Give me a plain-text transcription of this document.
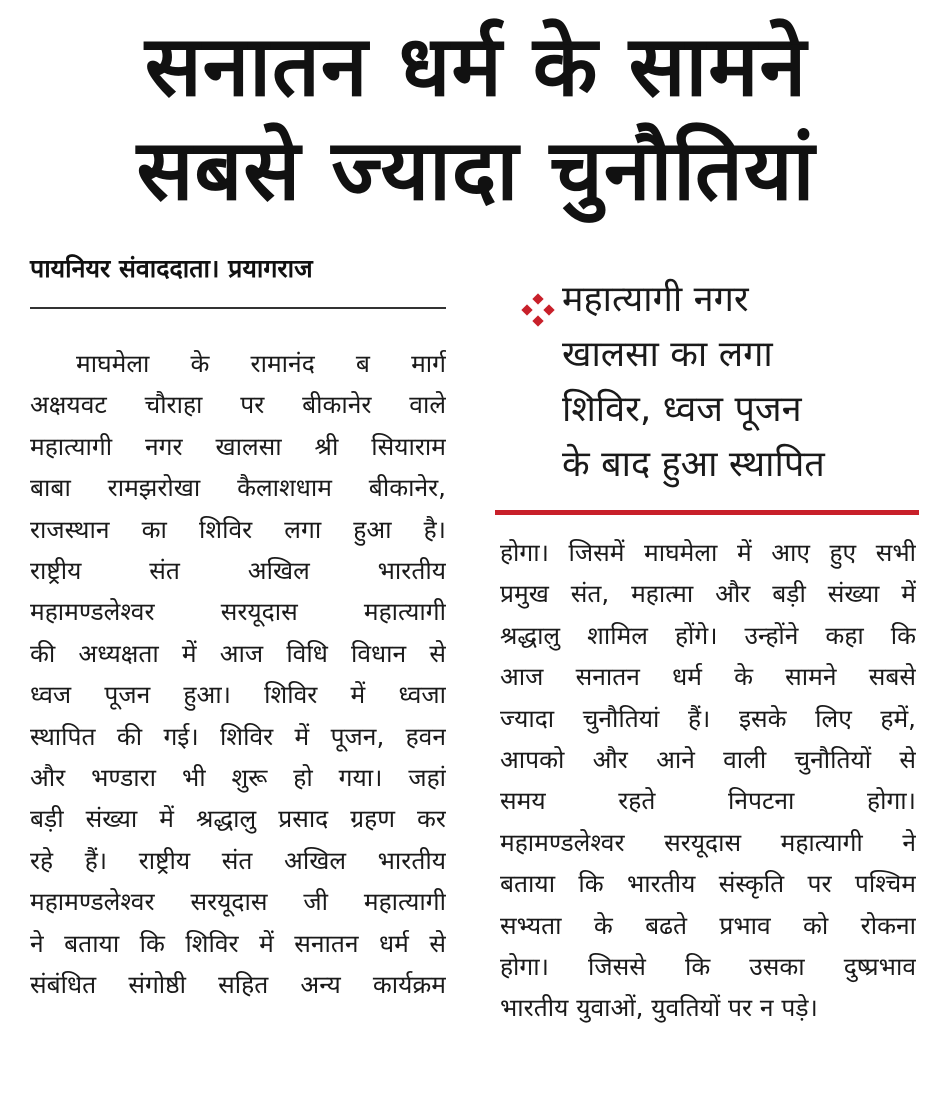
सनातन धर्म के सामने
सबसे ज्यादा चुनौतियां
पायनियर संवाददाता। प्रयागराज
माघमेला के रामानंद ब मार्ग
अक्षयवट चौराहा पर बीकानेर वाले
महात्यागी नगर खालसा श्री सियाराम
बाबा रामझरोखा कैलाशधाम बीकानेर,
राजस्थान का शिविर लगा हुआ है।
राष्ट्रीय संत अखिल भारतीय
महामण्डलेश्वर सरयूदास महात्यागी
की अध्यक्षता में आज विधि विधान से
ध्वज पूजन हुआ। शिविर में ध्वजा
स्थापित की गई। शिविर में पूजन, हवन
और भण्डारा भी शुरू हो गया। जहां
बड़ी संख्या में श्रद्धालु प्रसाद ग्रहण कर
रहे हैं। राष्ट्रीय संत अखिल भारतीय
महामण्डलेश्वर सरयूदास जी महात्यागी
ने बताया कि शिविर में सनातन धर्म से
संबंधित संगोष्ठी सहित अन्य कार्यक्रम
महात्यागी नगर
खालसा का लगा
शिविर, ध्वज पूजन
के बाद हुआ स्थापित
होगा। जिसमें माघमेला में आए हुए सभी
प्रमुख संत, महात्मा और बड़ी संख्या में
श्रद्धालु शामिल होंगे। उन्होंने कहा कि
आज सनातन धर्म के सामने सबसे
ज्यादा चुनौतियां हैं। इसके लिए हमें,
आपको और आने वाली चुनौतियों से
समय रहते निपटना होगा।
महामण्डलेश्वर सरयूदास महात्यागी ने
बताया कि भारतीय संस्कृति पर पश्चिम
सभ्यता के बढते प्रभाव को रोकना
होगा। जिससे कि उसका दुष्प्रभाव
भारतीय युवाओं, युवतियों पर न पड़े।
